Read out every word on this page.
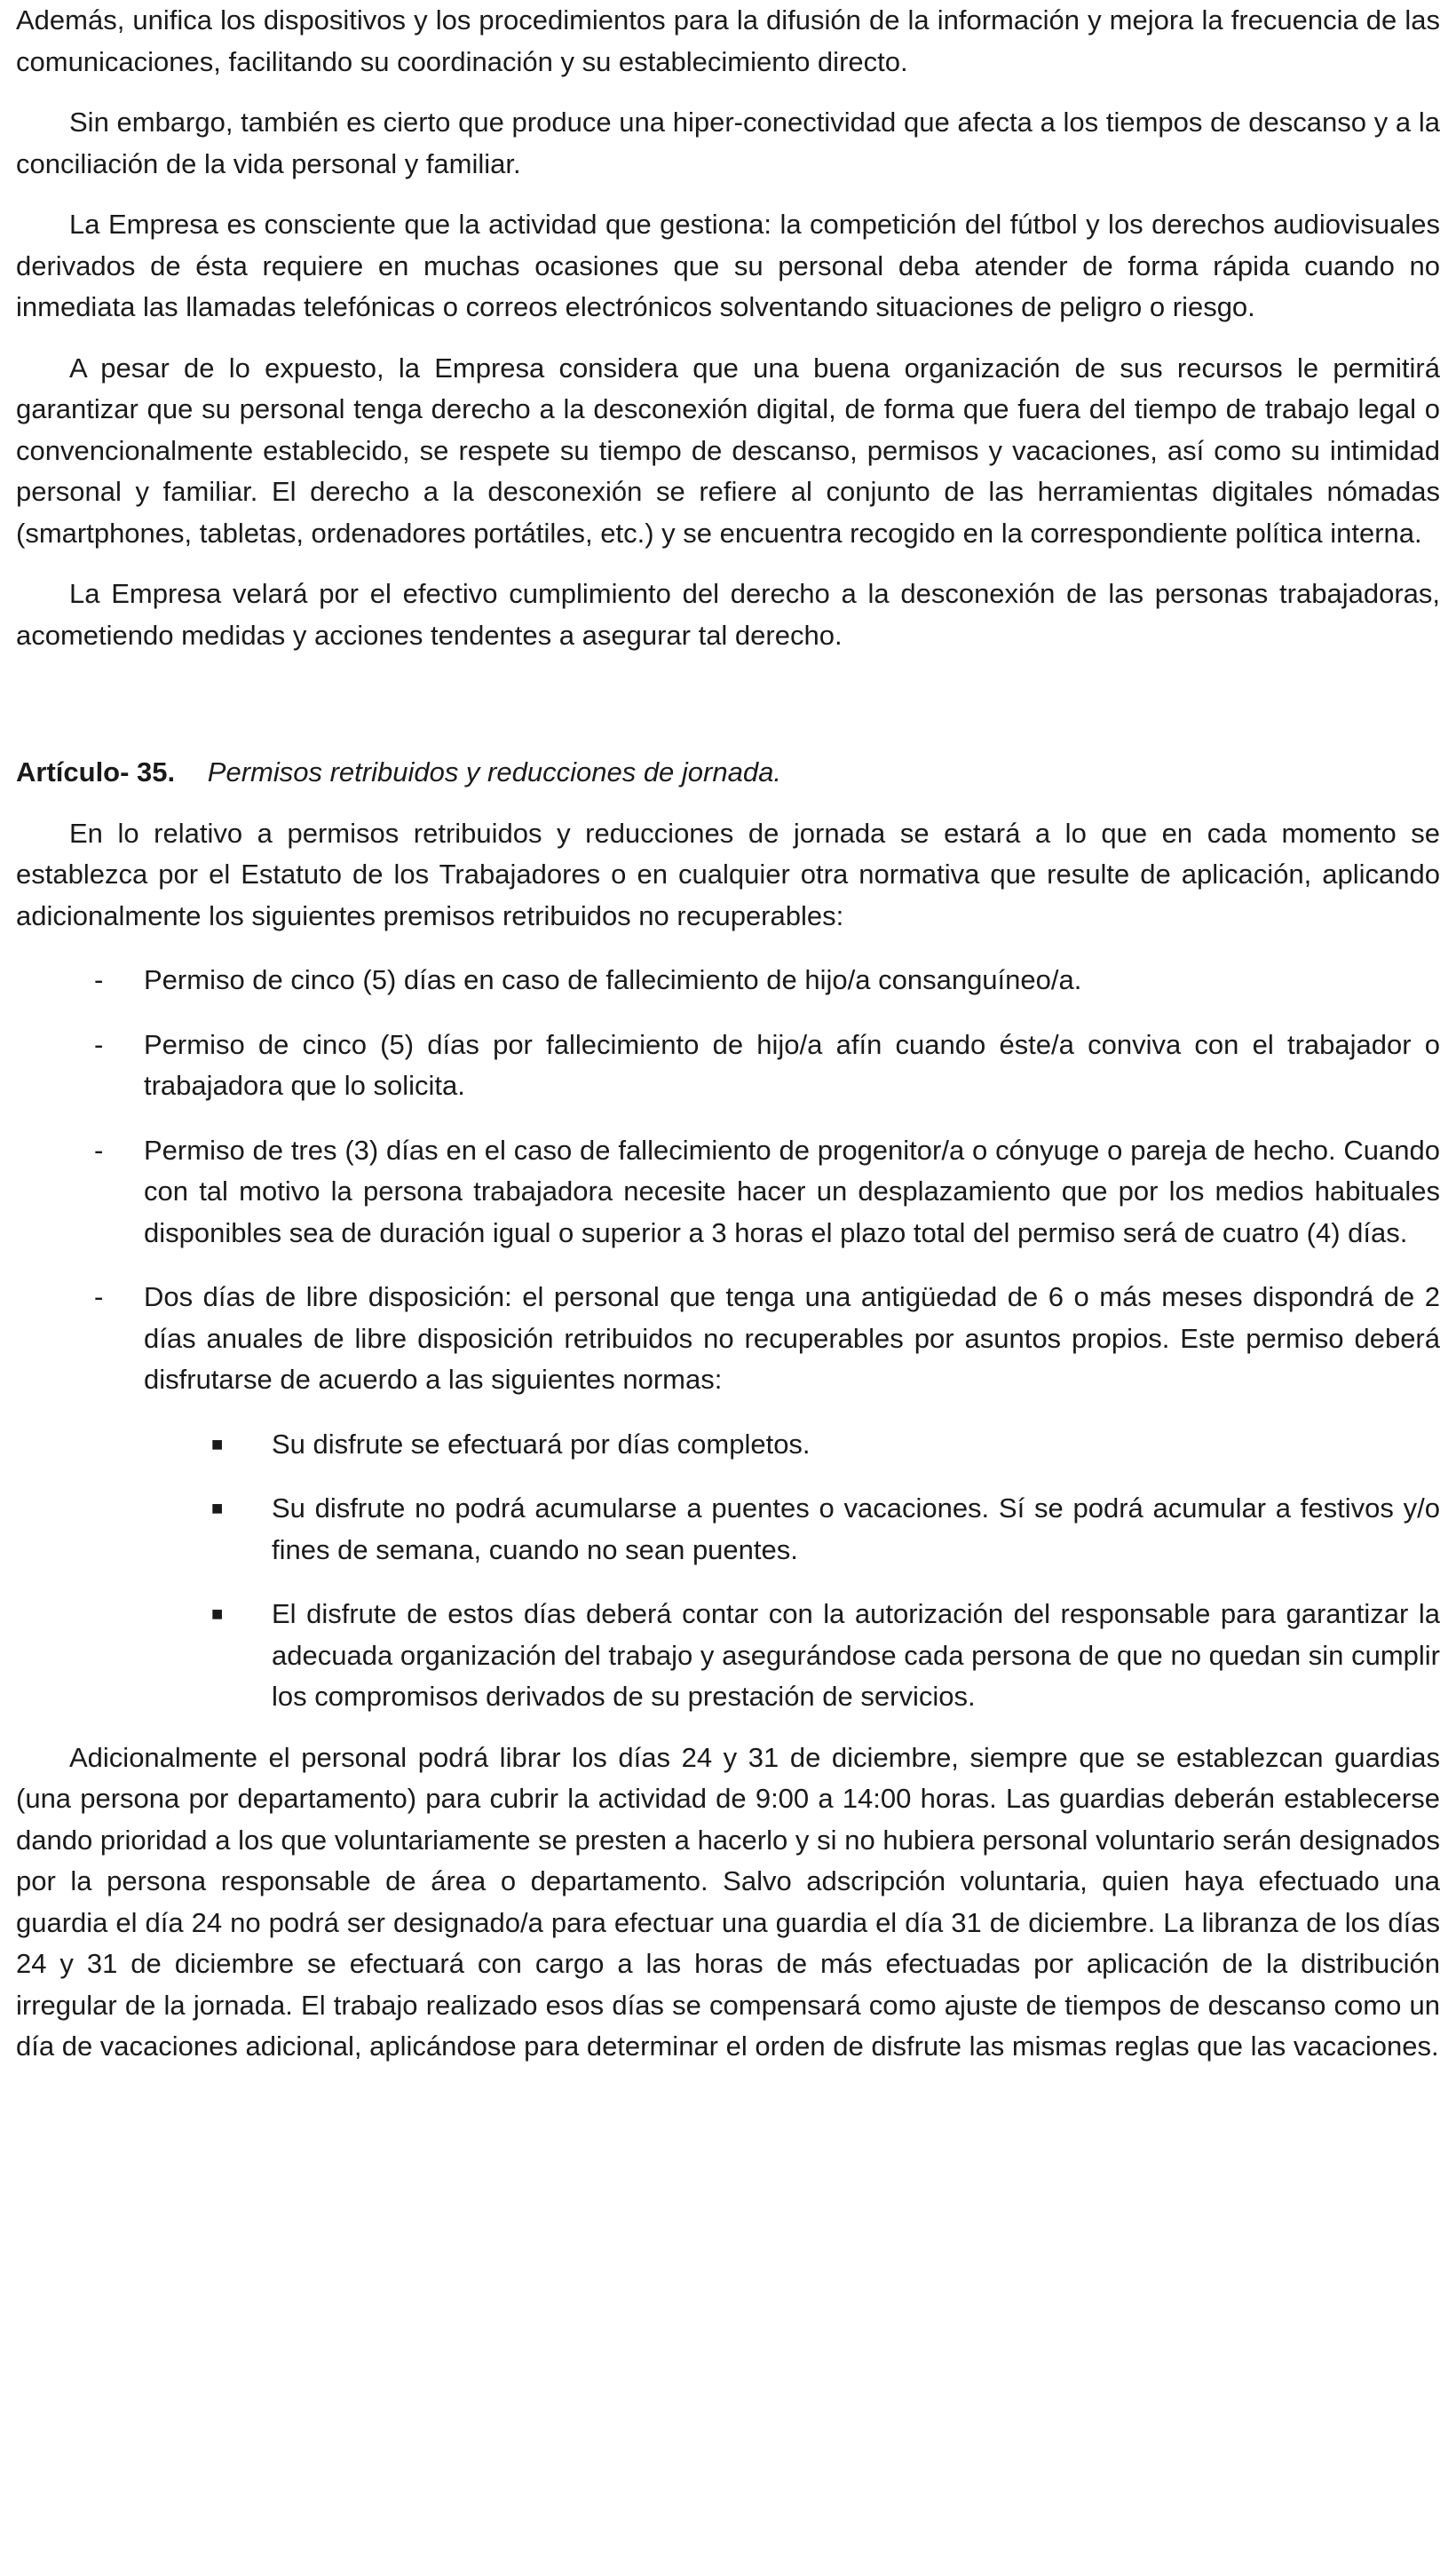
Además, unifica los dispositivos y los procedimientos para la difusión de la información y mejora la frecuencia de las comunicaciones, facilitando su coordinación y su establecimiento directo.

Sin embargo, también es cierto que produce una hiper-conectividad que afecta a los tiempos de descanso y a la conciliación de la vida personal y familiar.

La Empresa es consciente que la actividad que gestiona: la competición del fútbol y los derechos audiovisuales derivados de ésta requiere en muchas ocasiones que su personal deba atender de forma rápida cuando no inmediata las llamadas telefónicas o correos electrónicos solventando situaciones de peligro o riesgo.

A pesar de lo expuesto, la Empresa considera que una buena organización de sus recursos le permitirá garantizar que su personal tenga derecho a la desconexión digital, de forma que fuera del tiempo de trabajo legal o convencionalmente establecido, se respete su tiempo de descanso, permisos y vacaciones, así como su intimidad personal y familiar. El derecho a la desconexión se refiere al conjunto de las herramientas digitales nómadas (smartphones, tabletas, ordenadores portátiles, etc.) y se encuentra recogido en la correspondiente política interna.

La Empresa velará por el efectivo cumplimiento del derecho a la desconexión de las personas trabajadoras, acometiendo medidas y acciones tendentes a asegurar tal derecho.

Artículo- 35. Permisos retribuidos y reducciones de jornada.

En lo relativo a permisos retribuidos y reducciones de jornada se estará a lo que en cada momento se establezca por el Estatuto de los Trabajadores o en cualquier otra normativa que resulte de aplicación, aplicando adicionalmente los siguientes premisos retribuidos no recuperables:

- Permiso de cinco (5) días en caso de fallecimiento de hijo/a consanguíneo/a.
- Permiso de cinco (5) días por fallecimiento de hijo/a afín cuando éste/a conviva con el trabajador o trabajadora que lo solicita.
- Permiso de tres (3) días en el caso de fallecimiento de progenitor/a o cónyuge o pareja de hecho. Cuando con tal motivo la persona trabajadora necesite hacer un desplazamiento que por los medios habituales disponibles sea de duración igual o superior a 3 horas el plazo total del permiso será de cuatro (4) días.
- Dos días de libre disposición: el personal que tenga una antigüedad de 6 o más meses dispondrá de 2 días anuales de libre disposición retribuidos no recuperables por asuntos propios. Este permiso deberá disfrutarse de acuerdo a las siguientes normas:
■ Su disfrute se efectuará por días completos.
■ Su disfrute no podrá acumularse a puentes o vacaciones. Sí se podrá acumular a festivos y/o fines de semana, cuando no sean puentes.
■ El disfrute de estos días deberá contar con la autorización del responsable para garantizar la adecuada organización del trabajo y asegurándose cada persona de que no quedan sin cumplir los compromisos derivados de su prestación de servicios.

Adicionalmente el personal podrá librar los días 24 y 31 de diciembre, siempre que se establezcan guardias (una persona por departamento) para cubrir la actividad de 9:00 a 14:00 horas. Las guardias deberán establecerse dando prioridad a los que voluntariamente se presten a hacerlo y si no hubiera personal voluntario serán designados por la persona responsable de área o departamento. Salvo adscripción voluntaria, quien haya efectuado una guardia el día 24 no podrá ser designado/a para efectuar una guardia el día 31 de diciembre. La libranza de los días 24 y 31 de diciembre se efectuará con cargo a las horas de más efectuadas por aplicación de la distribución irregular de la jornada. El trabajo realizado esos días se compensará como ajuste de tiempos de descanso como un día de vacaciones adicional, aplicándose para determinar el orden de disfrute las mismas reglas que las vacaciones.
